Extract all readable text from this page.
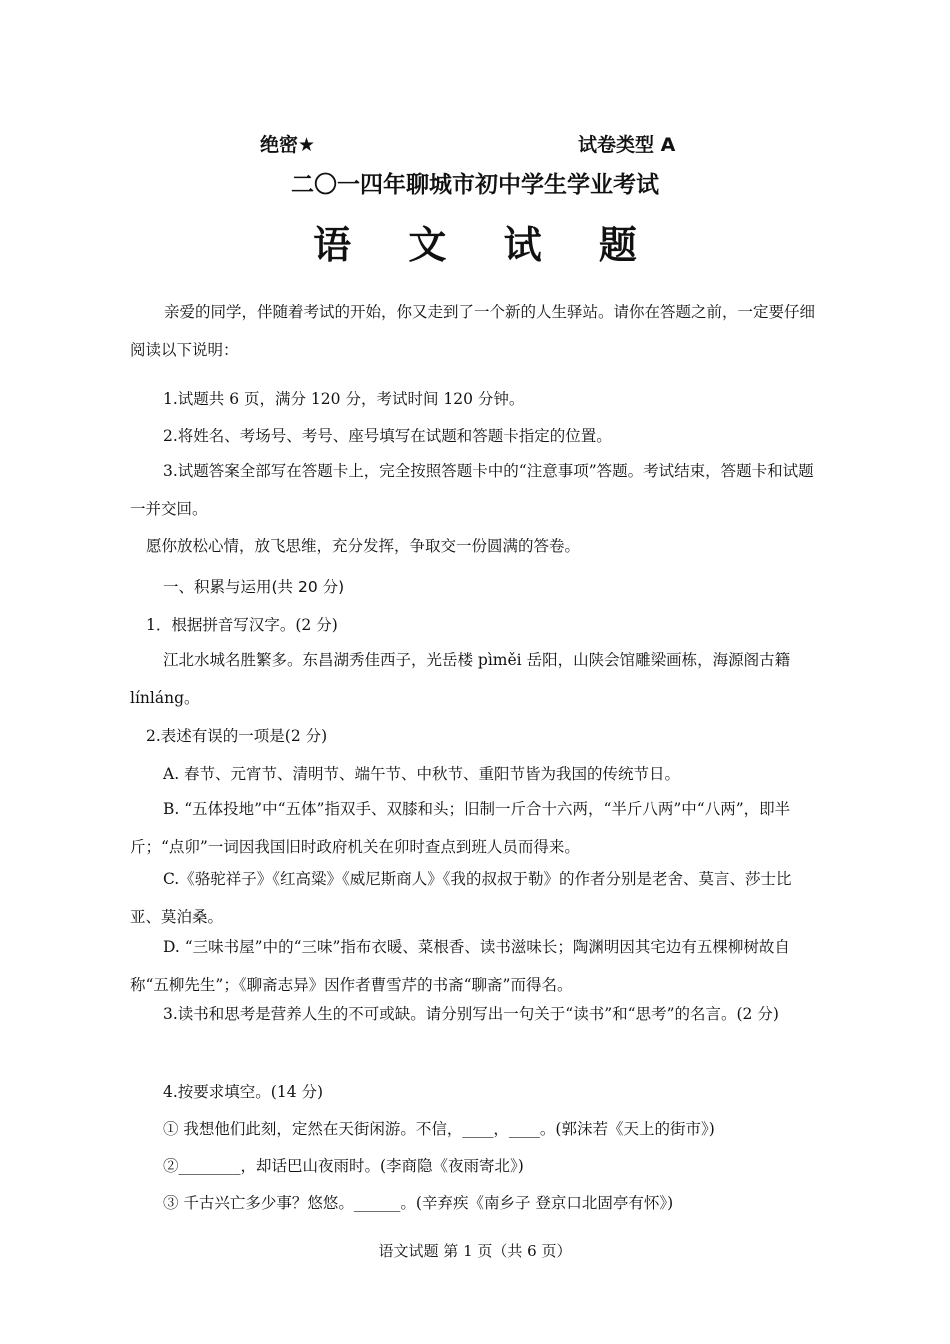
绝密★	试卷类型 A
二〇一四年聊城市初中学生学业考试
语 文 试 题
亲爱的同学，伴随着考试的开始，你又走到了一个新的人生驿站。请你在答题之前，一定要仔细阅读以下说明：
1.试题共 6 页，满分 120 分，考试时间 120 分钟。
2.将姓名、考场号、考号、座号填写在试题和答题卡指定的位置。
3.试题答案全部写在答题卡上，完全按照答题卡中的“注意事项”答题。考试结束，答题卡和试题一并交回。
愿你放松心情，放飞思维，充分发挥，争取交一份圆满的答卷。
一、积累与运用(共 20 分)
1．根据拼音写汉字。(2 分)
江北水城名胜繁多。东昌湖秀佳西子，光岳楼 pìměi 岳阳，山陕会馆雕梁画栋，海源阁古籍　línláng。
2.表述有误的一项是(2 分)
A. 春节、元宵节、清明节、端午节、中秋节、重阳节皆为我国的传统节日。
B. “五体投地”中“五体”指双手、双膝和头；旧制一斤合十六两，“半斤八两”中“八两”，即半斤；“点卯”一词因我国旧时政府机关在卯时查点到班人员而得来。
C.《骆驼祥子》《红高粱》《威尼斯商人》《我的叔叔于勒》的作者分别是老舍、莫言、莎士比亚、莫泊桑。
D. “三味书屋”中的“三味”指布衣暖、菜根香、读书滋味长；陶渊明因其宅边有五棵柳树故自称“五柳先生”；《聊斋志异》因作者曹雪芹的书斋“聊斋”而得名。
3.读书和思考是营养人生的不可或缺。请分别写出一句关于“读书”和“思考”的名言。(2 分)
4.按要求填空。(14 分)
① 我想他们此刻，定然在天街闲游。不信，____，____。(郭沫若《天上的街市》)
②________，却话巴山夜雨时。(李商隐《夜雨寄北》)
③ 千古兴亡多少事？悠悠。______。(辛弃疾《南乡子 登京口北固亭有怀》)
语文试题 第 1 页（共 6 页）
